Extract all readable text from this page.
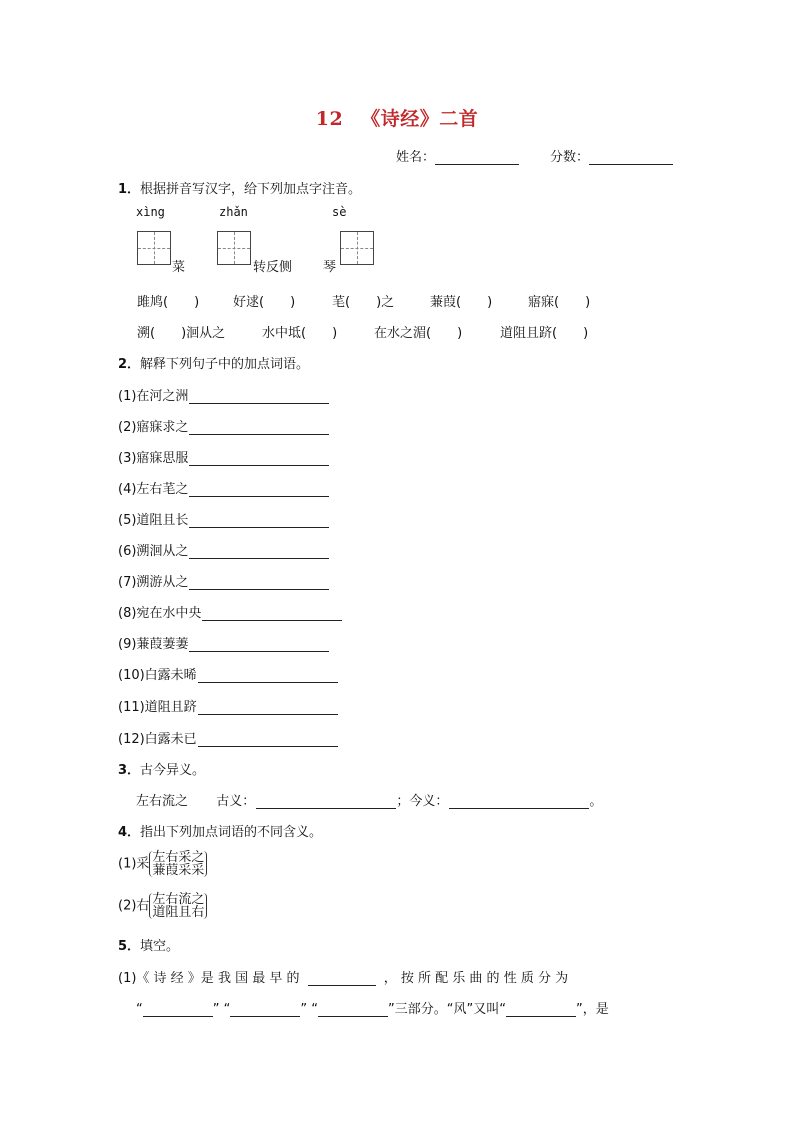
12 《诗经》二首
姓名：	分数：
1．根据拼音写汉字，给下列加点字注音。
xìng	zhǎn	sè
菜	转反侧 琴
雎鸠(　　)	好逑(　　)	芼(　　)之	蒹葭(　　)	寤寐(　　)
溯(　　)洄从之	水中坻(　　)	在水之湄(　　)	道阻且跻(　　)
2．解释下列句子中的加点词语。
(1)在河之洲
(2)寤寐求之
(3)寤寐思服
(4)左右芼之
(5)道阻且长
(6)溯洄从之
(7)溯游从之
(8)宛在水中央
(9)蒹葭萋萋
(10)白露未晞
(11)道阻且跻
(12)白露未已
3．古今异义。
左右流之 古义：	；今义：	。
4．指出下列加点词语的不同含义。
(1)采 左右采之
蒹葭采采
(2)右 左右流之
道阻且右
5．填空。
(1)《 诗 经 》是 我 国 最 早 的	， 按 所 配 乐 曲 的 性 质 分 为
“	” “	” “	”三部分。“风”又叫“	”，是
